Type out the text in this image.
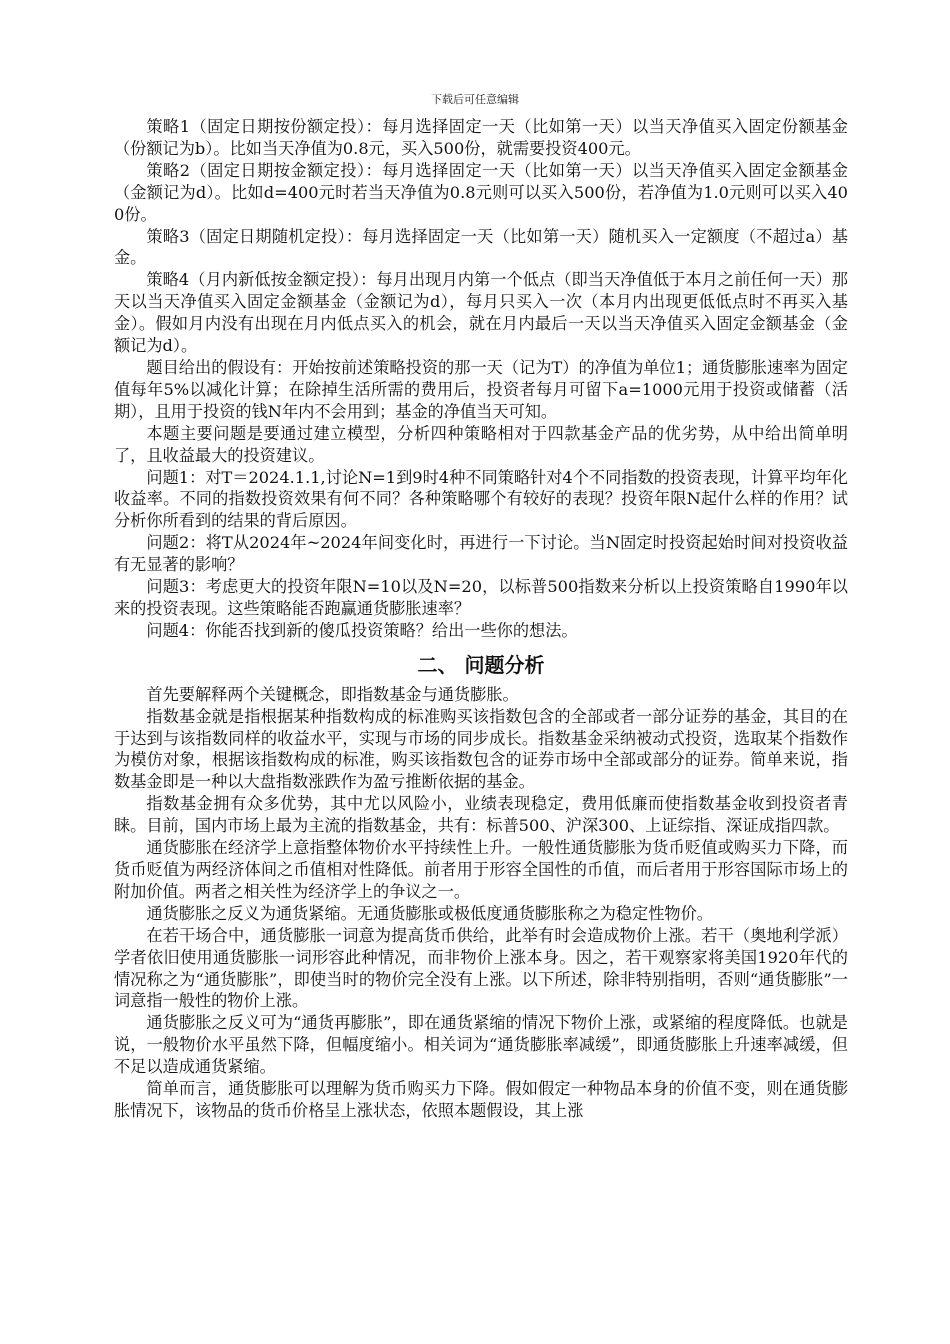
下载后可任意编辑

策略1（固定日期按份额定投）：每月选择固定一天（比如第一天）以当天净值买入固定份额基金（份额记为b）。比如当天净值为0.8元，买入500份，就需要投资400元。

策略2（固定日期按金额定投）：每月选择固定一天（比如第一天）以当天净值买入固定金额基金（金额记为d）。比如d=400元时若当天净值为0.8元则可以买入500份，若净值为1.0元则可以买入400份。

策略3（固定日期随机定投）：每月选择固定一天（比如第一天）随机买入一定额度（不超过a）基金。

策略4（月内新低按金额定投）：每月出现月内第一个低点（即当天净值低于本月之前任何一天）那天以当天净值买入固定金额基金（金额记为d），每月只买入一次（本月内出现更低低点时不再买入基金）。假如月内没有出现在月内低点买入的机会，就在月内最后一天以当天净值买入固定金额基金（金额记为d）。

题目给出的假设有：开始按前述策略投资的那一天（记为T）的净值为单位1；通货膨胀速率为固定值每年5%以减化计算；在除掉生活所需的费用后，投资者每月可留下a=1000元用于投资或储蓄（活期），且用于投资的钱N年内不会用到；基金的净值当天可知。

本题主要问题是要通过建立模型，分析四种策略相对于四款基金产品的优劣势，从中给出简单明了，且收益最大的投资建议。

问题1：对T＝2024.1.1,讨论N=1到9时4种不同策略针对4个不同指数的投资表现，计算平均年化收益率。不同的指数投资效果有何不同？各种策略哪个有较好的表现？投资年限N起什么样的作用？试分析你所看到的结果的背后原因。

问题2：将T从2024年~2024年间变化时，再进行一下讨论。当N固定时投资起始时间对投资收益有无显著的影响？

问题3：考虑更大的投资年限N=10以及N=20，以标普500指数来分析以上投资策略自1990年以来的投资表现。这些策略能否跑赢通货膨胀速率？

问题4：你能否找到新的傻瓜投资策略？给出一些你的想法。

二、 问题分析

首先要解释两个关键概念，即指数基金与通货膨胀。

指数基金就是指根据某种指数构成的标准购买该指数包含的全部或者一部分证券的基金，其目的在于达到与该指数同样的收益水平，实现与市场的同步成长。指数基金采纳被动式投资，选取某个指数作为模仿对象，根据该指数构成的标准，购买该指数包含的证券市场中全部或部分的证券。简单来说，指数基金即是一种以大盘指数涨跌作为盈亏推断依据的基金。

指数基金拥有众多优势，其中尤以风险小，业绩表现稳定，费用低廉而使指数基金收到投资者青睐。目前，国内市场上最为主流的指数基金，共有：标普500、沪深300、上证综指、深证成指四款。

通货膨胀在经济学上意指整体物价水平持续性上升。一般性通货膨胀为货币贬值或购买力下降，而货币贬值为两经济体间之币值相对性降低。前者用于形容全国性的币值，而后者用于形容国际市场上的附加价值。两者之相关性为经济学上的争议之一。

通货膨胀之反义为通货紧缩。无通货膨胀或极低度通货膨胀称之为稳定性物价。

在若干场合中，通货膨胀一词意为提高货币供给，此举有时会造成物价上涨。若干（奥地利学派）学者依旧使用通货膨胀一词形容此种情况，而非物价上涨本身。因之，若干观察家将美国1920年代的情况称之为“通货膨胀”，即使当时的物价完全没有上涨。以下所述，除非特别指明，否则“通货膨胀”一词意指一般性的物价上涨。

通货膨胀之反义可为“通货再膨胀”，即在通货紧缩的情况下物价上涨，或紧缩的程度降低。也就是说，一般物价水平虽然下降，但幅度缩小。相关词为“通货膨胀率减缓”，即通货膨胀上升速率减缓，但不足以造成通货紧缩。

简单而言，通货膨胀可以理解为货币购买力下降。假如假定一种物品本身的价值不变，则在通货膨胀情况下，该物品的货币价格呈上涨状态，依照本题假设，其上涨
